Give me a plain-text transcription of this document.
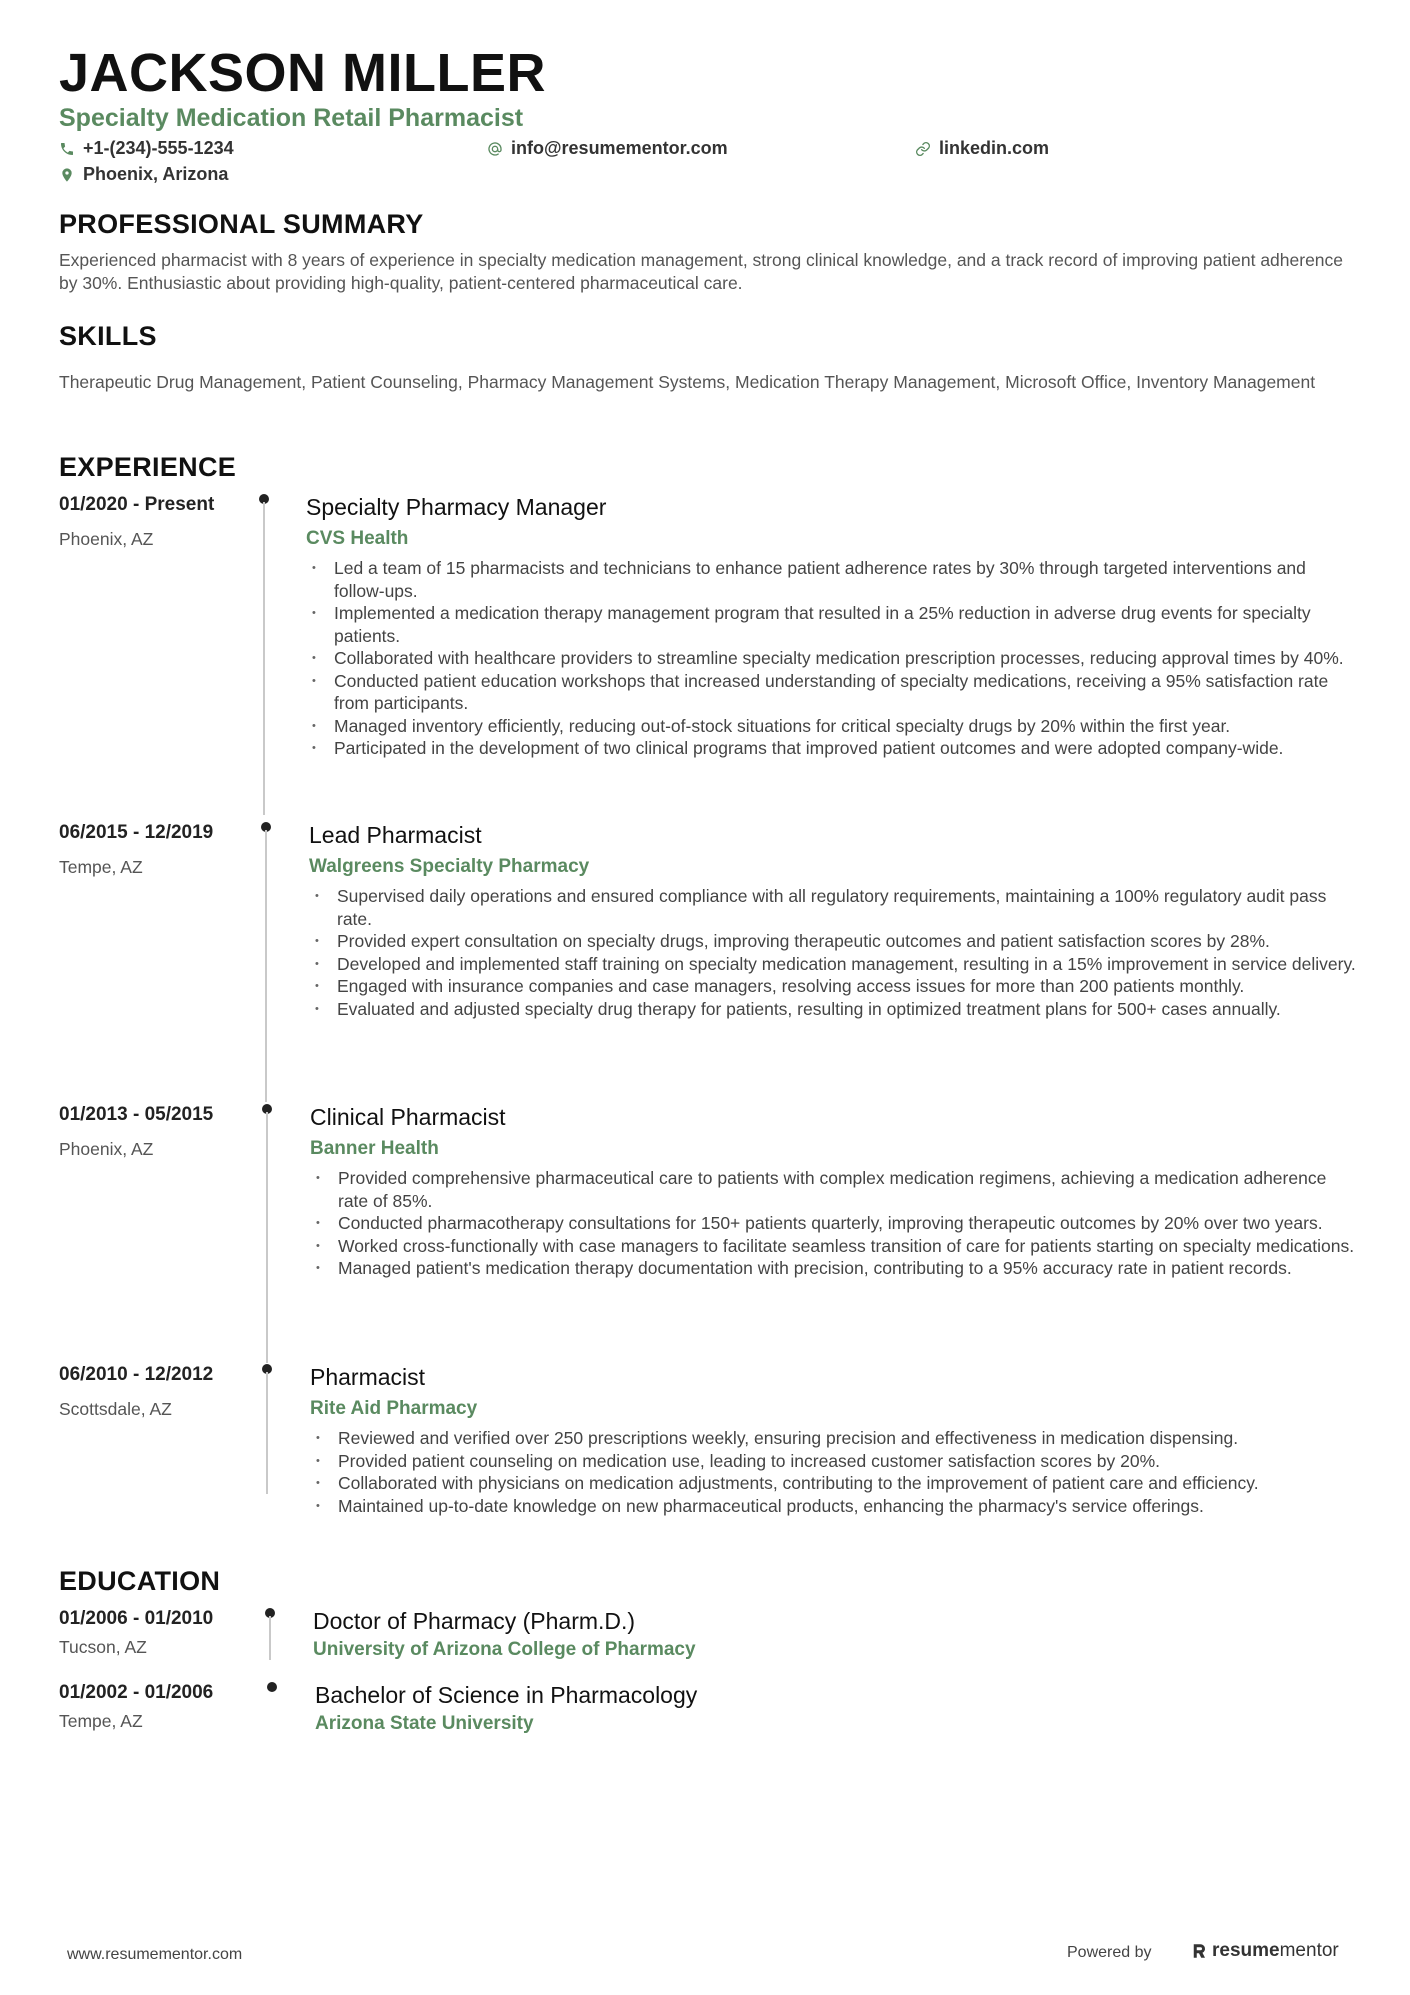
JACKSON MILLER
Specialty Medication Retail Pharmacist
+1-(234)-555-1234	info@resumementor.com	linkedin.com
Phoenix, Arizona
PROFESSIONAL SUMMARY
Experienced pharmacist with 8 years of experience in specialty medication management, strong clinical knowledge, and a track record of improving patient adherence by 30%. Enthusiastic about providing high-quality, patient-centered pharmaceutical care.
SKILLS
Therapeutic Drug Management, Patient Counseling, Pharmacy Management Systems, Medication Therapy Management, Microsoft Office, Inventory Management
EXPERIENCE
01/2020 - Present
Phoenix, AZ
Specialty Pharmacy Manager
CVS Health
• Led a team of 15 pharmacists and technicians to enhance patient adherence rates by 30% through targeted interventions and follow-ups.
• Implemented a medication therapy management program that resulted in a 25% reduction in adverse drug events for specialty patients.
• Collaborated with healthcare providers to streamline specialty medication prescription processes, reducing approval times by 40%.
• Conducted patient education workshops that increased understanding of specialty medications, receiving a 95% satisfaction rate from participants.
• Managed inventory efficiently, reducing out-of-stock situations for critical specialty drugs by 20% within the first year.
• Participated in the development of two clinical programs that improved patient outcomes and were adopted company-wide.
06/2015 - 12/2019
Tempe, AZ
Lead Pharmacist
Walgreens Specialty Pharmacy
• Supervised daily operations and ensured compliance with all regulatory requirements, maintaining a 100% regulatory audit pass rate.
• Provided expert consultation on specialty drugs, improving therapeutic outcomes and patient satisfaction scores by 28%.
• Developed and implemented staff training on specialty medication management, resulting in a 15% improvement in service delivery.
• Engaged with insurance companies and case managers, resolving access issues for more than 200 patients monthly.
• Evaluated and adjusted specialty drug therapy for patients, resulting in optimized treatment plans for 500+ cases annually.
01/2013 - 05/2015
Phoenix, AZ
Clinical Pharmacist
Banner Health
• Provided comprehensive pharmaceutical care to patients with complex medication regimens, achieving a medication adherence rate of 85%.
• Conducted pharmacotherapy consultations for 150+ patients quarterly, improving therapeutic outcomes by 20% over two years.
• Worked cross-functionally with case managers to facilitate seamless transition of care for patients starting on specialty medications.
• Managed patient's medication therapy documentation with precision, contributing to a 95% accuracy rate in patient records.
06/2010 - 12/2012
Scottsdale, AZ
Pharmacist
Rite Aid Pharmacy
• Reviewed and verified over 250 prescriptions weekly, ensuring precision and effectiveness in medication dispensing.
• Provided patient counseling on medication use, leading to increased customer satisfaction scores by 20%.
• Collaborated with physicians on medication adjustments, contributing to the improvement of patient care and efficiency.
• Maintained up-to-date knowledge on new pharmaceutical products, enhancing the pharmacy's service offerings.
EDUCATION
01/2006 - 01/2010
Tucson, AZ
Doctor of Pharmacy (Pharm.D.)
University of Arizona College of Pharmacy
01/2002 - 01/2006
Tempe, AZ
Bachelor of Science in Pharmacology
Arizona State University
www.resumementor.com	Powered by	resumementor
